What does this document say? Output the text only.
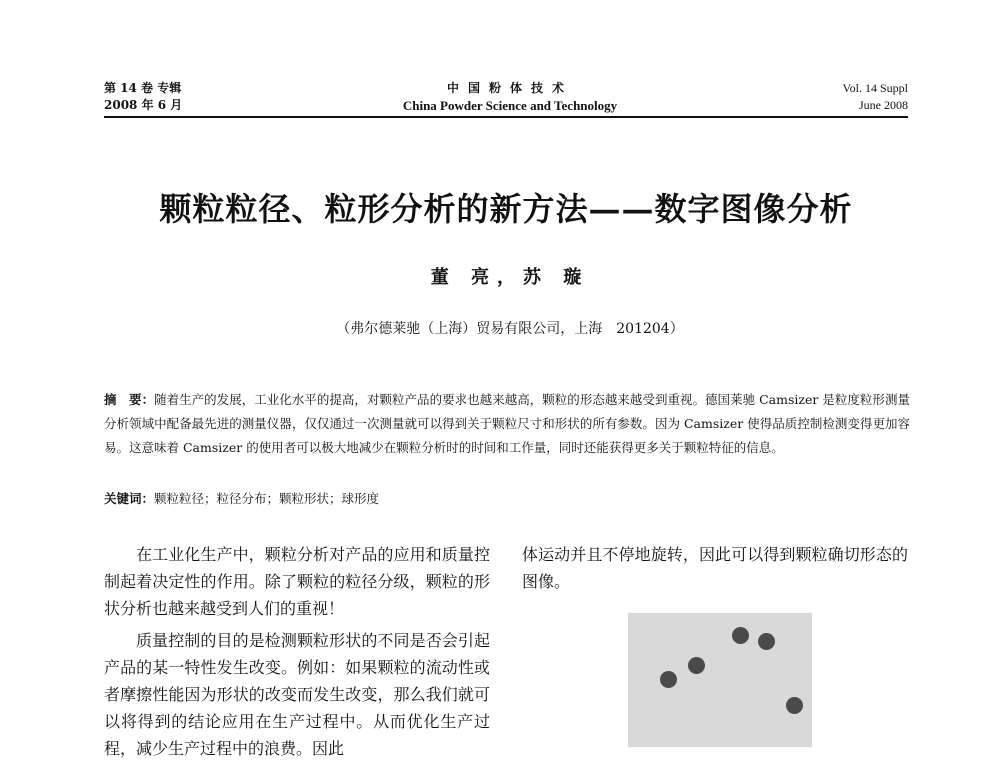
第 14 卷 专辑
2008 年 6 月
中国粉体技术
China Powder Science and Technology
Vol. 14 Suppl
June 2008
颗粒粒径、粒形分析的新方法——数字图像分析
董 亮，苏 璇
（弗尔德莱驰（上海）贸易有限公司，上海　201204）
摘　要：随着生产的发展，工业化水平的提高，对颗粒产品的要求也越来越高，颗粒的形态越来越受到重视。德国莱驰 Camsizer 是粒度粒形测量分析领域中配备最先进的测量仪器，仅仅通过一次测量就可以得到关于颗粒尺寸和形状的所有参数。因为 Camsizer 使得品质控制检测变得更加容易。这意味着 Camsizer 的使用者可以极大地减少在颗粒分析时的时间和工作量，同时还能获得更多关于颗粒特征的信息。
关键词：颗粒粒径；粒径分布；颗粒形状；球形度

在工业化生产中，颗粒分析对产品的应用和质量控制起着决定性的作用。除了颗粒的粒径分级，颗粒的形状分析也越来越受到人们的重视！

质量控制的目的是检测颗粒形状的不同是否会引起产品的某一特性发生改变。例如：如果颗粒的流动性或者摩擦性能因为形状的改变而发生改变，那么我们就可以将得到的结论应用在生产过程中。从而优化生产过程，减少生产过程中的浪费。因此

体运动并且不停地旋转，因此可以得到颗粒确切形态的图像。
